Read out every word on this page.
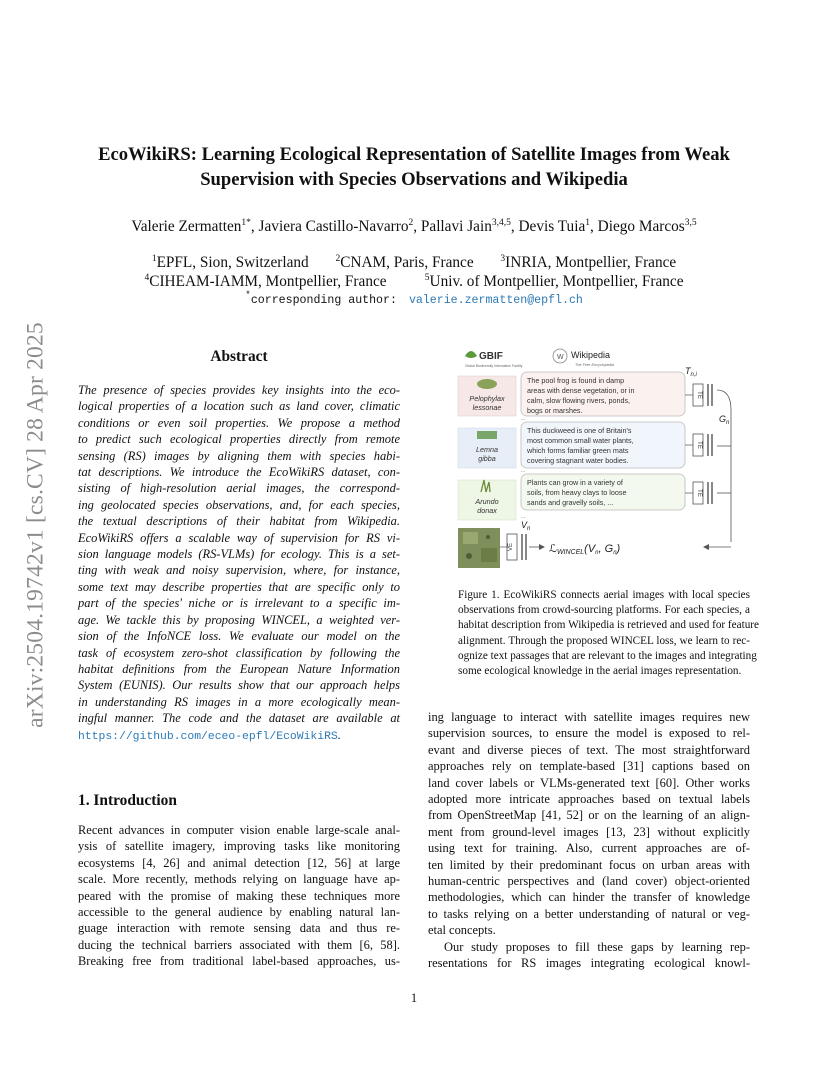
arXiv:2504.19742v1 [cs.CV] 28 Apr 2025
EcoWikiRS: Learning Ecological Representation of Satellite Images from Weak
Supervision with Species Observations and Wikipedia
Valerie Zermatten$^{1*}$, Javiera Castillo-Navarro$^2$, Pallavi Jain$^{3,4,5}$, Devis Tuia$^1$, Diego Marcos$^{3,5}$
$^1$EPFL, Sion, Switzerland	$^2$CNAM, Paris, France	$^3$INRIA, Montpellier, France
$^4$CIHEAM-IAMM, Montpellier, France	$^5$Univ. of Montpellier, Montpellier, France
*corresponding author: valerie.zermatten@epfl.ch
Abstract
The presence of species provides key insights into the eco-
logical properties of a location such as land cover, climatic
conditions or even soil properties. We propose a method
to predict such ecological properties directly from remote
sensing (RS) images by aligning them with species habi-
tat descriptions. We introduce the EcoWikiRS dataset, con-
sisting of high-resolution aerial images, the correspond-
ing geolocated species observations, and, for each species,
the textual descriptions of their habitat from Wikipedia.
EcoWikiRS offers a scalable way of supervision for RS vi-
sion language models (RS-VLMs) for ecology. This is a set-
ting with weak and noisy supervision, where, for instance,
some text may describe properties that are specific only to
part of the species' niche or is irrelevant to a specific im-
age. We tackle this by proposing WINCEL, a weighted ver-
sion of the InfoNCE loss. We evaluate our model on the
task of ecosystem zero-shot classification by following the
habitat definitions from the European Nature Information
System (EUNIS). Our results show that our approach helps
in understanding RS images in a more ecologically mean-
ingful manner. The code and the dataset are available at
https://github.com/eceo-epfl/EcoWikiRS.
1. Introduction
Recent advances in computer vision enable large-scale anal-
ysis of satellite imagery, improving tasks like monitoring
ecosystems [4, 26] and animal detection [12, 56] at large
scale. More recently, methods relying on language have ap-
peared with the promise of making these techniques more
accessible to the general audience by enabling natural lan-
guage interaction with remote sensing data and thus re-
ducing the technical barriers associated with them [6, 58].
Breaking free from traditional label-based approaches, us-
GBIF
Global Biodiversity Information Facility
W Wikipedia
The Free Encyclopedia
Pelophylax
lessonae
The pool frog is found in damp
areas with dense vegetation, or in
calm, slow flowing rivers, ponds,
bogs or marshes.
Lemna
gibba
This duckweed is one of Britain's
most common small water plants,
which forms familiar green mats
covering stagnant water bodies.
Arundo
donax
Plants can grow in a variety of
soils, from heavy clays to loose
sands and gravelly soils, ...
...
...
...
TE
TE
TE
$T_{n,i}$
$G_n$
VE
$V_n$
ℒWINCEL(Vn, Gn)
Figure 1. EcoWikiRS connects aerial images with local species
observations from crowd-sourcing platforms. For each species, a
habitat description from Wikipedia is retrieved and used for feature
alignment. Through the proposed WINCEL loss, we learn to rec-
ognize text passages that are relevant to the images and integrating
some ecological knowledge in the aerial images representation.
ing language to interact with satellite images requires new
supervision sources, to ensure the model is exposed to rel-
evant and diverse pieces of text. The most straightforward
approaches rely on template-based [31] captions based on
land cover labels or VLMs-generated text [60]. Other works
adopted more intricate approaches based on textual labels
from OpenStreetMap [41, 52] or on the learning of an align-
ment from ground-level images [13, 23] without explicitly
using text for training. Also, current approaches are of-
ten limited by their predominant focus on urban areas with
human-centric perspectives and (land cover) object-oriented
methodologies, which can hinder the transfer of knowledge
to tasks relying on a better understanding of natural or veg-
etal concepts.
Our study proposes to fill these gaps by learning rep-
resentations for RS images integrating ecological knowl-
1
